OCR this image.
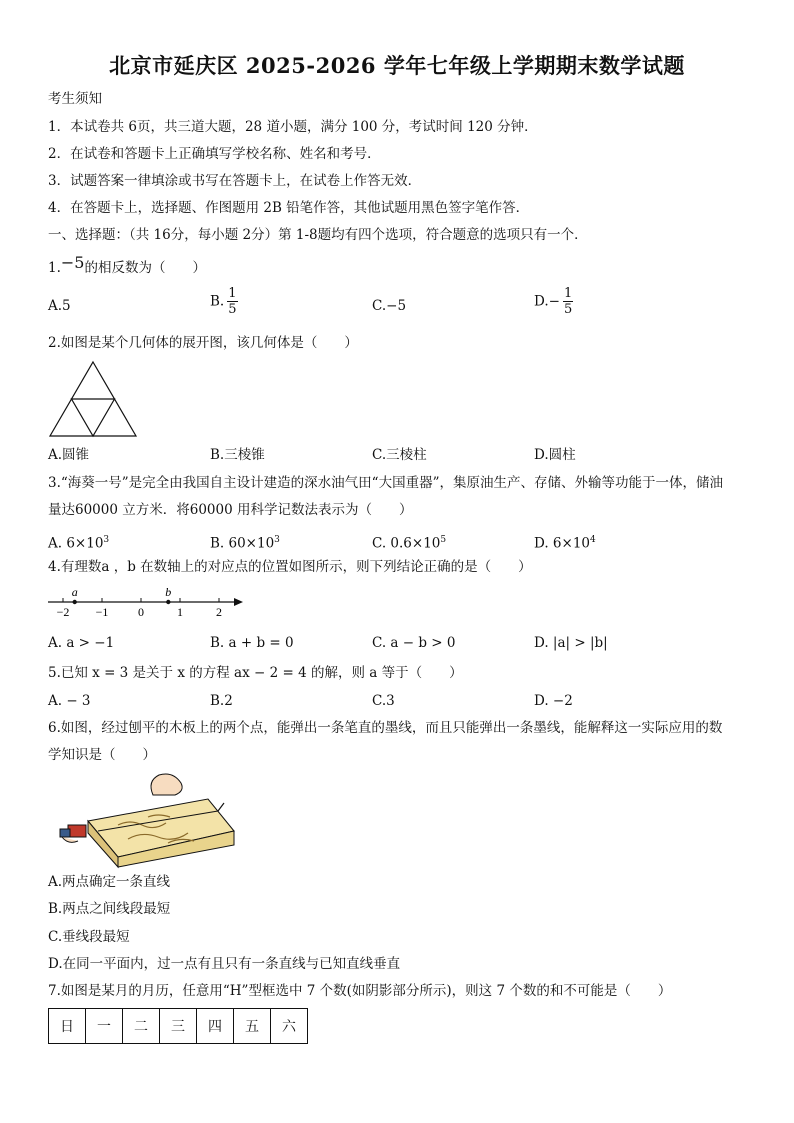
北京市延庆区 2025-2026 学年七年级上学期期末数学试题
考生须知
1．本试卷共 6页，共三道大题，28 道小题，满分 100 分，考试时间 120 分钟．
2．在试卷和答题卡上正确填写学校名称、姓名和考号．
3．试题答案一律填涂或书写在答题卡上，在试卷上作答无效．
4．在答题卡上，选择题、作图题用 2B 铅笔作答，其他试题用黑色签字笔作答．
一、选择题：（共 16分，每小题 2分）第 1-8题均有四个选项，符合题意的选项只有一个．
1.−5的相反数为（　　）
A.5	B. $\frac{1}{5}$	C.−5	$D.- \frac{1}{5}$
2.如图是某个几何体的展开图，该几何体是（　　）
A.圆锥	B.三棱锥	C.三棱柱	D.圆柱
3.“海葵一号”是完全由我国自主设计建造的深水油气田“大国重器”，集原油生产、存储、外输等功能于一体，储油
量达60000 立方米．将60000 用科学记数法表示为（　　）
A. $6\times 10^3$	B. $60\times 10^3$	C. $0.6\times 10^5$	D. $6\times 10^4$
4.有理数a ，b 在数轴上的对应点的位置如图所示，则下列结论正确的是（　　）
−2 −1 0	1	2
a	b
A. a > −1	B. a + b = 0	C. a − b > 0	D. |a| > |b|
5.已知 x = 3 是关于 x 的方程 ax − 2 = 4 的解，则 a 等于（　　）
A. − 3	B.2	C.3	D. −2
6.如图，经过刨平的木板上的两个点，能弹出一条笔直的墨线，而且只能弹出一条墨线，能解释这一实际应用的数
学知识是（　　）
A.两点确定一条直线
B.两点之间线段最短
C.垂线段最短
D.在同一平面内，过一点有且只有一条直线与已知直线垂直
7.如图是某月的月历，任意用“H”型框选中 7 个数(如阴影部分所示)，则这 7 个数的和不可能是（　　）
日	一	二	三	四	五	六
